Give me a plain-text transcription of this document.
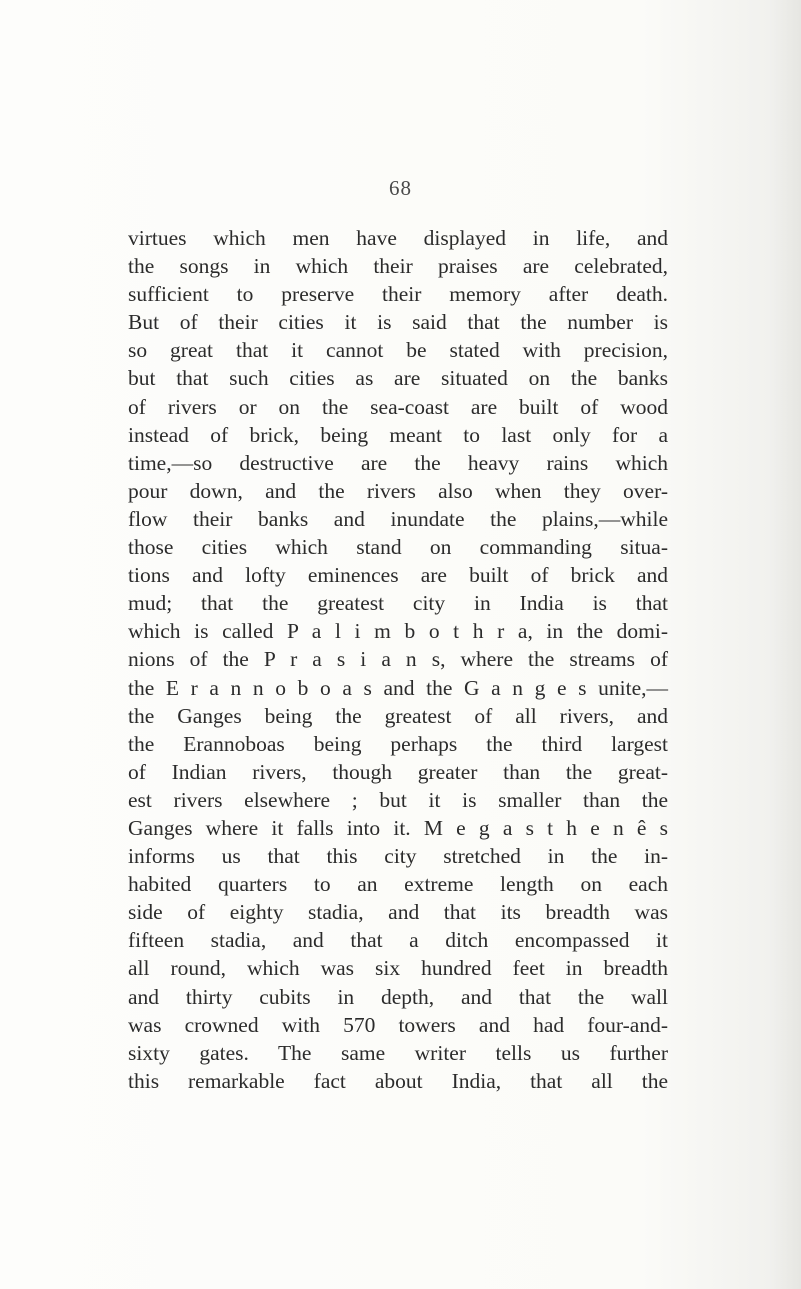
68
virtues which men have displayed in life, and
the songs in which their praises are celebrated,
sufficient to preserve their memory after death.
But of their cities it is said that the number is
so great that it cannot be stated with precision,
but that such cities as are situated on the banks
of rivers or on the sea-coast are built of wood
instead of brick, being meant to last only for a
time,—so destructive are the heavy rains which
pour down, and the rivers also when they over-
flow their banks and inundate the plains,—while
those cities which stand on commanding situa-
tions and lofty eminences are built of brick and
mud; that the greatest city in India is that
which is called P a l i m b o t h r a, in the domi-
nions of the P r a s i a n s, where the streams of
the E r a n n o b o a s and the G a n g e s unite,—
the Ganges being the greatest of all rivers, and
the Erannoboas being perhaps the third largest
of Indian rivers, though greater than the great-
est rivers elsewhere ; but it is smaller than the
Ganges where it falls into it. M e g a s t h e n ê s
informs us that this city stretched in the in-
habited quarters to an extreme length on each
side of eighty stadia, and that its breadth was
fifteen stadia, and that a ditch encompassed it
all round, which was six hundred feet in breadth
and thirty cubits in depth, and that the wall
was crowned with 570 towers and had four-and-
sixty gates. The same writer tells us further
this remarkable fact about India, that all the
